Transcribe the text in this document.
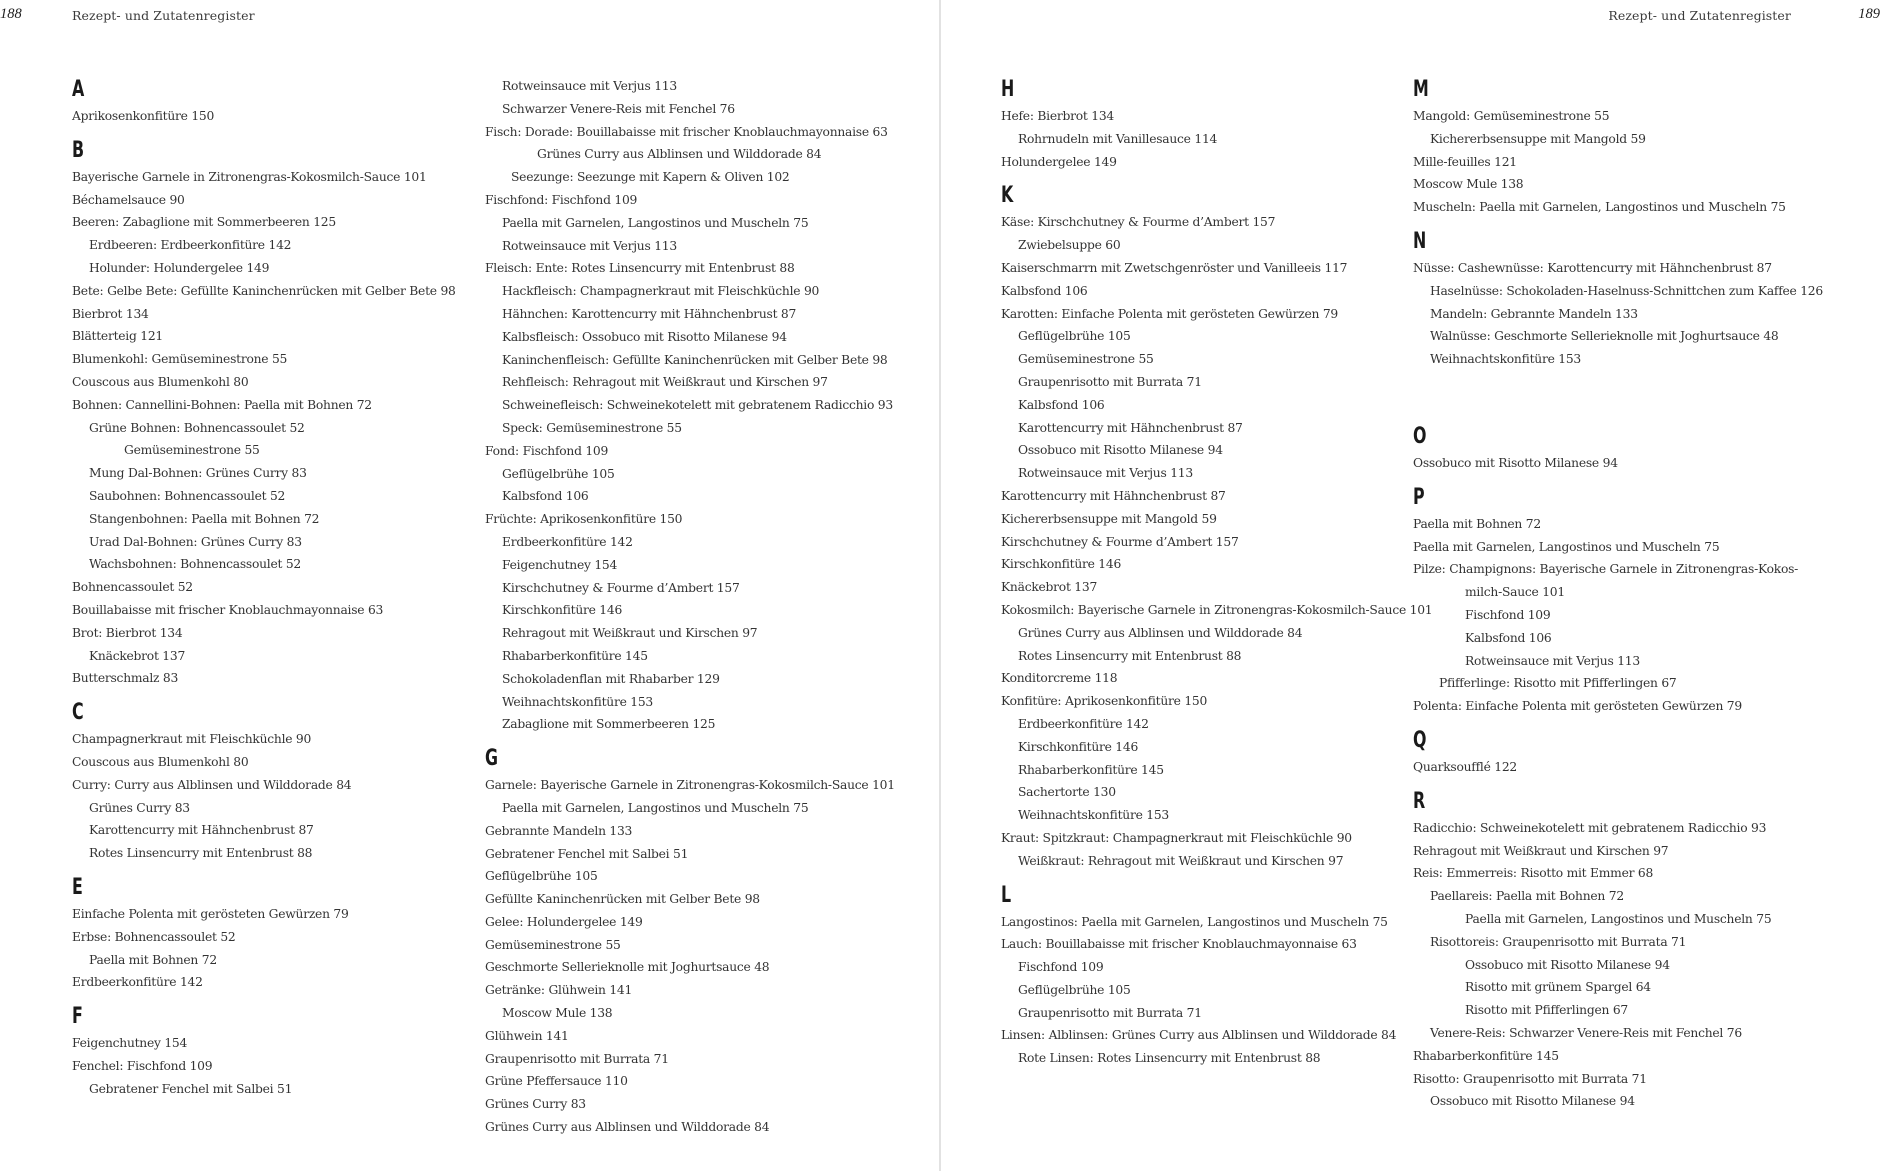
188	Rezept- und Zutatenregister
A
Aprikosenkonfitüre 150
B
Bayerische Garnele in Zitronengras-Kokosmilch-Sauce 101
Béchamelsauce 90
Beeren: Zabaglione mit Sommerbeeren 125
Erdbeeren: Erdbeerkonfitüre 142
Holunder: Holundergelee 149
Bete: Gelbe Bete: Gefüllte Kaninchenrücken mit Gelber Bete 98
Bierbrot 134
Blätterteig 121
Blumenkohl: Gemüseminestrone 55
Couscous aus Blumenkohl 80
Bohnen: Cannellini-Bohnen: Paella mit Bohnen 72
Grüne Bohnen: Bohnencassoulet 52
Gemüseminestrone 55
Mung Dal-Bohnen: Grünes Curry 83
Saubohnen: Bohnencassoulet 52
Stangenbohnen: Paella mit Bohnen 72
Urad Dal-Bohnen: Grünes Curry 83
Wachsbohnen: Bohnencassoulet 52
Bohnencassoulet 52
Bouillabaisse mit frischer Knoblauchmayonnaise 63
Brot: Bierbrot 134
Knäckebrot 137
Butterschmalz 83
C
Champagnerkraut mit Fleischküchle 90
Couscous aus Blumenkohl 80
Curry: Curry aus Alblinsen und Wilddorade 84
Grünes Curry 83
Karottencurry mit Hähnchenbrust 87
Rotes Linsencurry mit Entenbrust 88
E
Einfache Polenta mit gerösteten Gewürzen 79
Erbse: Bohnencassoulet 52
Paella mit Bohnen 72
Erdbeerkonfitüre 142
F
Feigenchutney 154
Fenchel: Fischfond 109
Gebratener Fenchel mit Salbei 51
Rotweinsauce mit Verjus 113
Schwarzer Venere-Reis mit Fenchel 76
Fisch: Dorade: Bouillabaisse mit frischer Knoblauchmayonnaise 63
Grünes Curry aus Alblinsen und Wilddorade 84
Seezunge: Seezunge mit Kapern & Oliven 102
Fischfond: Fischfond 109
Paella mit Garnelen, Langostinos und Muscheln 75
Rotweinsauce mit Verjus 113
Fleisch: Ente: Rotes Linsencurry mit Entenbrust 88
Hackfleisch: Champagnerkraut mit Fleischküchle 90
Hähnchen: Karottencurry mit Hähnchenbrust 87
Kalbsfleisch: Ossobuco mit Risotto Milanese 94
Kaninchenfleisch: Gefüllte Kaninchenrücken mit Gelber Bete 98
Rehfleisch: Rehragout mit Weißkraut und Kirschen 97
Schweinefleisch: Schweinekotelett mit gebratenem Radicchio 93
Speck: Gemüseminestrone 55
Fond: Fischfond 109
Geflügelbrühe 105
Kalbsfond 106
Früchte: Aprikosenkonfitüre 150
Erdbeerkonfitüre 142
Feigenchutney 154
Kirschchutney & Fourme d’Ambert 157
Kirschkonfitüre 146
Rehragout mit Weißkraut und Kirschen 97
Rhabarberkonfitüre 145
Schokoladenflan mit Rhabarber 129
Weihnachtskonfitüre 153
Zabaglione mit Sommerbeeren 125
G
Garnele: Bayerische Garnele in Zitronengras-Kokosmilch-Sauce 101
Paella mit Garnelen, Langostinos und Muscheln 75
Gebrannte Mandeln 133
Gebratener Fenchel mit Salbei 51
Geflügelbrühe 105
Gefüllte Kaninchenrücken mit Gelber Bete 98
Gelee: Holundergelee 149
Gemüseminestrone 55
Geschmorte Sellerieknolle mit Joghurtsauce 48
Getränke: Glühwein 141
Moscow Mule 138
Glühwein 141
Graupenrisotto mit Burrata 71
Grüne Pfeffersauce 110
Grünes Curry 83
Grünes Curry aus Alblinsen und Wilddorade 84
Rezept- und Zutatenregister	189
H
Hefe: Bierbrot 134
Rohrnudeln mit Vanillesauce 114
Holundergelee 149
K
Käse: Kirschchutney & Fourme d’Ambert 157
Zwiebelsuppe 60
Kaiserschmarrn mit Zwetschgenröster und Vanilleeis 117
Kalbsfond 106
Karotten: Einfache Polenta mit gerösteten Gewürzen 79
Geflügelbrühe 105
Gemüseminestrone 55
Graupenrisotto mit Burrata 71
Kalbsfond 106
Karottencurry mit Hähnchenbrust 87
Ossobuco mit Risotto Milanese 94
Rotweinsauce mit Verjus 113
Karottencurry mit Hähnchenbrust 87
Kichererbsensuppe mit Mangold 59
Kirschchutney & Fourme d’Ambert 157
Kirschkonfitüre 146
Knäckebrot 137
Kokosmilch: Bayerische Garnele in Zitronengras-Kokosmilch-Sauce 101
Grünes Curry aus Alblinsen und Wilddorade 84
Rotes Linsencurry mit Entenbrust 88
Konditorcreme 118
Konfitüre: Aprikosenkonfitüre 150
Erdbeerkonfitüre 142
Kirschkonfitüre 146
Rhabarberkonfitüre 145
Sachertorte 130
Weihnachtskonfitüre 153
Kraut: Spitzkraut: Champagnerkraut mit Fleischküchle 90
Weißkraut: Rehragout mit Weißkraut und Kirschen 97
L
Langostinos: Paella mit Garnelen, Langostinos und Muscheln 75
Lauch: Bouillabaisse mit frischer Knoblauchmayonnaise 63
Fischfond 109
Geflügelbrühe 105
Graupenrisotto mit Burrata 71
Linsen: Alblinsen: Grünes Curry aus Alblinsen und Wilddorade 84
Rote Linsen: Rotes Linsencurry mit Entenbrust 88
M
Mangold: Gemüseminestrone 55
Kichererbsensuppe mit Mangold 59
Mille-feuilles 121
Moscow Mule 138
Muscheln: Paella mit Garnelen, Langostinos und Muscheln 75
N
Nüsse: Cashewnüsse: Karottencurry mit Hähnchenbrust 87
Haselnüsse: Schokoladen-Haselnuss-Schnittchen zum Kaffee 126
Mandeln: Gebrannte Mandeln 133
Walnüsse: Geschmorte Sellerieknolle mit Joghurtsauce 48
Weihnachtskonfitüre 153
O
Ossobuco mit Risotto Milanese 94
P
Paella mit Bohnen 72
Paella mit Garnelen, Langostinos und Muscheln 75
Pilze: Champignons: Bayerische Garnele in Zitronengras-Kokos-
milch-Sauce 101
Fischfond 109
Kalbsfond 106
Rotweinsauce mit Verjus 113
Pfifferlinge: Risotto mit Pfifferlingen 67
Polenta: Einfache Polenta mit gerösteten Gewürzen 79
Q
Quarksoufflé 122
R
Radicchio: Schweinekotelett mit gebratenem Radicchio 93
Rehragout mit Weißkraut und Kirschen 97
Reis: Emmerreis: Risotto mit Emmer 68
Paellareis: Paella mit Bohnen 72
Paella mit Garnelen, Langostinos und Muscheln 75
Risottoreis: Graupenrisotto mit Burrata 71
Ossobuco mit Risotto Milanese 94
Risotto mit grünem Spargel 64
Risotto mit Pfifferlingen 67
Venere-Reis: Schwarzer Venere-Reis mit Fenchel 76
Rhabarberkonfitüre 145
Risotto: Graupenrisotto mit Burrata 71
Ossobuco mit Risotto Milanese 94
